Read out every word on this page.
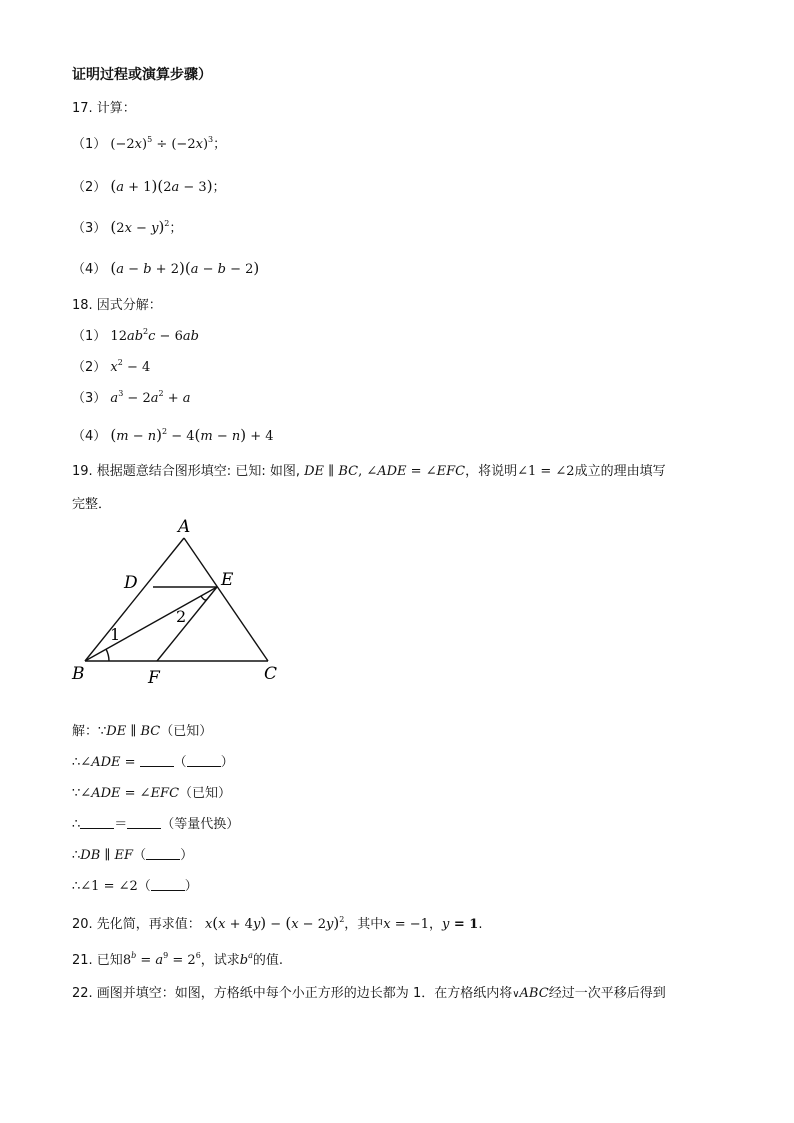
证明过程或演算步骤）
17. 计算：
（1） $(-2x)^5 \div (-2x)^3$；
（2） (a + 1)(2a − 3)；
（3） $(2x - y)^2$；
（4） (a − b + 2)(a − b − 2)
18. 因式分解：
（1） $12ab^2c - 6ab$
（2） $x^2 - 4$
（3） $a^3 - 2a^2 + a$
（4） $(m - n)^2 - 4(m - n) + 4$
19. 根据题意结合图形填空: 已知: 如图, DE ∥ BC, ∠ADE = ∠EFC，将说明∠1 = ∠2成立的理由填写
完整．
A
D	E
B	F	C
1
2
解：∵DE ∥ BC（已知）
∴∠ADE =	（	）
∵∠ADE = ∠EFC（已知）
∴	＝	（等量代换）
∴DB ∥ EF（	）
∴∠1 = ∠2（	）
20. 先化简，再求值： $x(x + 4y) - (x - 2y)^2$，其中x = −1，y = 1.
21. 已知$8^b = a^9 = 2^6$，试求$b^a$的值.
22. 画图并填空：如图，方格纸中每个小正方形的边长都为 1．在方格纸内将∨ABC经过一次平移后得到
